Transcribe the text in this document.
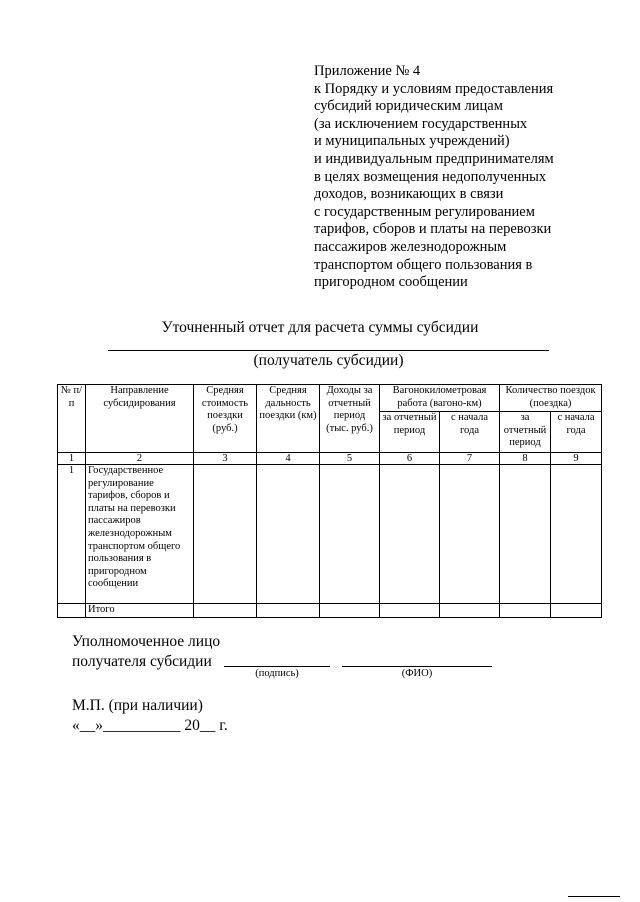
Приложение № 4
к Порядку и условиям предоставления
субсидий юридическим лицам
(за исключением государственных
и муниципальных учреждений)
и индивидуальным предпринимателям
в целях возмещения недополученных
доходов, возникающих в связи
с государственным регулированием
тарифов, сборов и платы на перевозки
пассажиров железнодорожным
транспортом общего пользования в
пригородном сообщении
Уточненный отчет для расчета суммы субсидии
(получатель субсидии)
№ п/п	Направление субсидирования	Средняя стоимость поездки (руб.)	Средняя дальность поездки (км)	Доходы за отчетный период (тыс. руб.)	Вагонокилометровая работа (вагоно-км)		Количество поездок (поезд​ка)	
					за отчетный период	с начала года	за отчетный период	с начала года
1	2	3	4	5	6	7	8	9
1	Государственное регулирование тарифов, сборов и платы на перевозки пассажиров железнодорожным транспортом общего пользования в пригородном сообщении							
	Итого							
Уполномоченное лицо
получателя субсидии
(подпись)	(ФИО)
М.П. (при наличии)
«__»__________ 20__ г.
